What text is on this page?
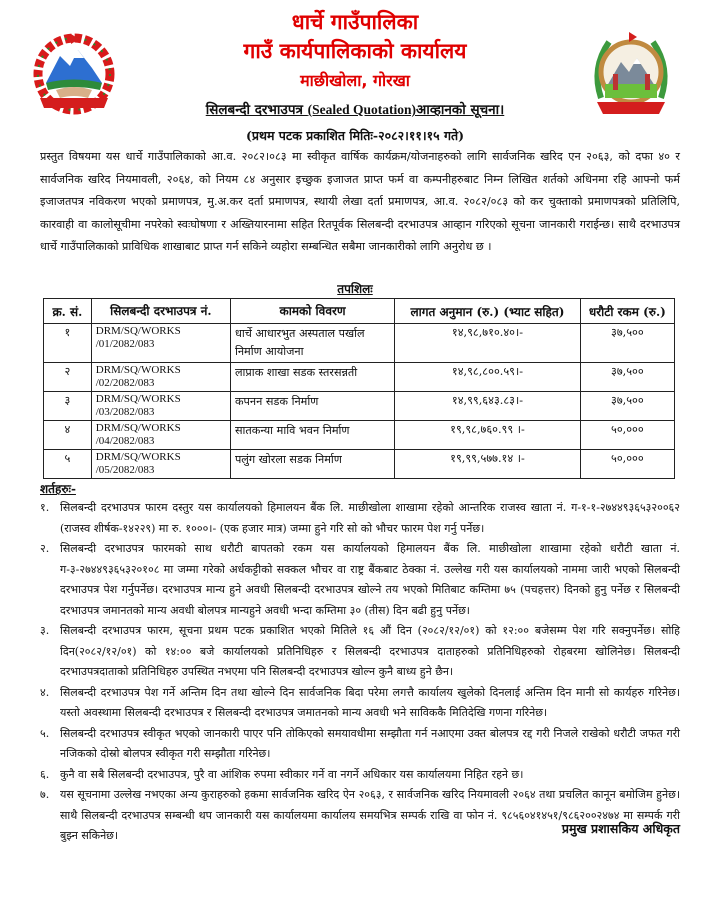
धार्चे गाउँपालिका
गाउँ कार्यपालिकाको कार्यालय
माछीखोला, गोरखा
सिलबन्दी दरभाउपत्र (Sealed Quotation)आव्हानको सूचना।
(प्रथम पटक प्रकाशित मितिः-२०८२।११।१५ गते)
प्रस्तुत विषयमा यस धार्चे गाउँपालिकाको आ.व. २०८२।०८३ मा स्वीकृत वार्षिक कार्यक्रम/योजनाहरुको लागि सार्वजनिक खरिद एन २०६३, को दफा ४० र सार्वजनिक खरिद नियमावली, २०६४, को नियम ८४ अनुसार इच्छुक इजाजत प्राप्त फर्म वा कम्पनीहरुबाट निम्न लिखित शर्तको अधिनमा रहि आफ्नो फर्म इजाजतपत्र नविकरण भएको प्रमाणपत्र, मु.अ.कर दर्ता प्रमाणपत्र, स्थायी लेखा दर्ता प्रमाणपत्र, आ.व. २०८२/०८३ को कर चुक्ताको प्रमाणपत्रको प्रतिलिपि, कारवाही वा कालोसूचीमा नपरेको स्वःघोषणा र अख्तियारनामा सहित रितपूर्वक सिलबन्दी दरभाउपत्र आव्हान गरिएको सूचना जानकारी गराईन्छ। साथै दरभाउपत्र धार्चे गाउँपालिकाको प्राविधिक शाखाबाट प्राप्त गर्न सकिने व्यहोरा सम्बन्धित सबैमा जानकारीको लागि अनुरोध छ ।
तपशिलः
क्र. सं.	सिलबन्दी दरभाउपत्र नं.	कामको विवरण	लागत अनुमान (रु.) (भ्याट सहित)	धरौटी रकम (रु.)
१	DRM/SQ/WORKS /01/2082/083	धार्चे आधारभुत अस्पताल पर्खाल निर्माण आयोजना	१४,९८,७१०.४०।-	३७,५००
२	DRM/SQ/WORKS /02/2082/083	लाप्राक शाखा सडक स्तरसन्नती	१४,९८,८००.५९।-	३७,५००
३	DRM/SQ/WORKS /03/2082/083	कपनन सडक निर्माण	१४,९९,६४३.८३।-	३७,५००
४	DRM/SQ/WORKS /04/2082/083	सातकन्या मावि भवन निर्माण	१९,९८,७६०.९९ ।-	५०,०००
५	DRM/SQ/WORKS /05/2082/083	पलुंग खोरला सडक निर्माण	१९,९९,५७७.१४ ।-	५०,०००
शर्तहरुः-
१. सिलबन्दी दरभाउपत्र फारम दस्तुर यस कार्यालयको हिमालयन बैंक लि. माछीखोला शाखामा रहेको आन्तरिक राजस्व खाता नं. ग-१-१-२७४४९३६५३२००६२ (राजस्व शीर्षक-१४२२९) मा रु. १०००।- (एक हजार मात्र) जम्मा हुने गरि सो को भौचर फारम पेश गर्नु पर्नेछ।
२. सिलबन्दी दरभाउपत्र फारमको साथ धरौटी बापतको रकम यस कार्यालयको हिमालयन बैंक लि. माछीखोला शाखामा रहेको धरौटी खाता नं. ग-३-२७४४९३६५३२०१०८ मा जम्मा गरेको अर्धकट्टीको सक्कल भौचर वा राष्ट्र बैंकबाट ठेक्का नं. उल्लेख गरी यस कार्यालयको नाममा जारी भएको सिलबन्दी दरभाउपत्र पेश गर्नुपर्नेछ। दरभाउपत्र मान्य हुने अवधी सिलबन्दी दरभाउपत्र खोल्ने तय भएको मितिबाट कम्तिमा ७५ (पचहत्तर) दिनको हुनु पर्नेछ र सिलबन्दी दरभाउपत्र जमानतको मान्य अवधी बोलपत्र मान्यहुने अवधी भन्दा कम्तिमा ३० (तीस) दिन बढी हुनु पर्नेछ।
३. सिलबन्दी दरभाउपत्र फारम, सूचना प्रथम पटक प्रकाशित भएको मितिले १६ औं दिन (२०८२/१२/०१) को १२:०० बजेसम्म पेश गरि सक्नुपर्नेछ। सोहि दिन(२०८२/१२/०१) को १४:०० बजे कार्यालयको प्रतिनिधिहरु र सिलबन्दी दरभाउपत्र दाताहरुको प्रतिनिधिहरुको रोहबरमा खोलिनेछ। सिलबन्दी दरभाउपत्रदाताको प्रतिनिधिहरु उपस्थित नभएमा पनि सिलबन्दी दरभाउपत्र खोल्न कुनै बाध्य हुने छैन।
४. सिलबन्दी दरभाउपत्र पेश गर्ने अन्तिम दिन तथा खोल्ने दिन सार्वजनिक बिदा परेमा लगत्तै कार्यालय खुलेको दिनलाई अन्तिम दिन मानी सो कार्यहरु गरिनेछ। यस्तो अवस्थामा सिलबन्दी दरभाउपत्र र सिलबन्दी दरभाउपत्र जमातनको मान्य अवधी भने साविककै मितिदेखि गणना गरिनेछ।
५. सिलबन्दी दरभाउपत्र स्वीकृत भएको जानकारी पाएर पनि तोकिएको समयावधीमा सम्झौता गर्न नआएमा उक्त बोलपत्र रद्द गरी निजले राखेको धरौटी जफत गरी नजिकको दोस्रो बोलपत्र स्वीकृत गरी सम्झौता गरिनेछ।
६. कुनै वा सबै सिलबन्दी दरभाउपत्र, पुरै वा आंशिक रुपमा स्वीकार गर्ने वा नगर्ने अधिकार यस कार्यालयमा निहित रहने छ।
७. यस सूचनामा उल्लेख नभएका अन्य कुराहरुको हकमा सार्वजनिक खरिद ऐन २०६३, र सार्वजनिक खरिद नियमावली २०६४ तथा प्रचलित कानून बमोजिम हुनेछ। साथै सिलबन्दी दरभाउपत्र सम्बन्धी थप जानकारी यस कार्यालयमा कार्यालय समयभित्र सम्पर्क राखि वा फोन नं. ९८५६०४१४५१/९८६२००२४७४ मा सम्पर्क गरी बुझ्न सकिनेछ।	प्रमुख प्रशासकिय अधिकृत
